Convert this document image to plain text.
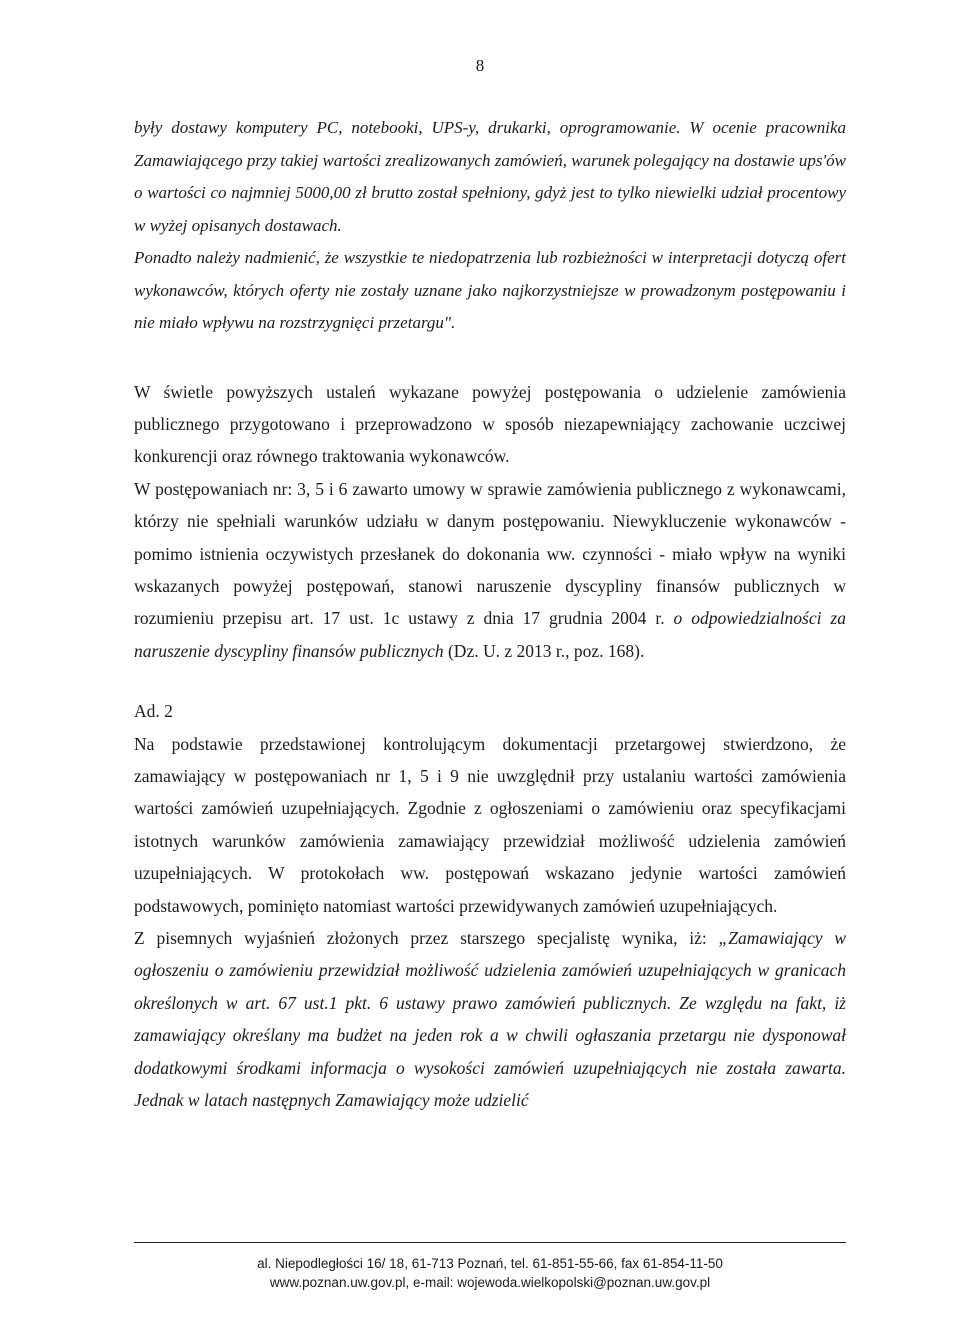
8

były dostawy komputery PC, notebooki, UPS-y, drukarki, oprogramowanie. W ocenie pracownika Zamawiającego przy takiej wartości zrealizowanych zamówień, warunek polegający na dostawie ups'ów o wartości co najmniej 5000,00 zł brutto został spełniony, gdyż jest to tylko niewielki udział procentowy w wyżej opisanych dostawach.

Ponadto należy nadmienić, że wszystkie te niedopatrzenia lub rozbieżności w interpretacji dotyczą ofert wykonawców, których oferty nie zostały uznane jako najkorzystniejsze w prowadzonym postępowaniu i nie miało wpływu na rozstrzygnięci przetargu".

W świetle powyższych ustaleń wykazane powyżej postępowania o udzielenie zamówienia publicznego przygotowano i przeprowadzono w sposób niezapewniający zachowanie uczciwej konkurencji oraz równego traktowania wykonawców.

W postępowaniach nr: 3, 5 i 6 zawarto umowy w sprawie zamówienia publicznego z wykonawcami, którzy nie spełniali warunków udziału w danym postępowaniu. Niewykluczenie wykonawców - pomimo istnienia oczywistych przesłanek do dokonania ww. czynności - miało wpływ na wyniki wskazanych powyżej postępowań, stanowi naruszenie dyscypliny finansów publicznych w rozumieniu przepisu art. 17 ust. 1c ustawy z dnia 17 grudnia 2004 r. o odpowiedzialności za naruszenie dyscypliny finansów publicznych (Dz. U. z 2013 r., poz. 168).

Ad. 2

Na podstawie przedstawionej kontrolującym dokumentacji przetargowej stwierdzono, że zamawiający w postępowaniach nr 1, 5 i 9 nie uwzględnił przy ustalaniu wartości zamówienia wartości zamówień uzupełniających. Zgodnie z ogłoszeniami o zamówieniu oraz specyfikacjami istotnych warunków zamówienia zamawiający przewidział możliwość udzielenia zamówień uzupełniających. W protokołach ww. postępowań wskazano jedynie wartości zamówień podstawowych, pominięto natomiast wartości przewidywanych zamówień uzupełniających.

Z pisemnych wyjaśnień złożonych przez starszego specjalistę wynika, iż: „Zamawiający w ogłoszeniu o zamówieniu przewidział możliwość udzielenia zamówień uzupełniających w granicach określonych w art. 67 ust.1 pkt. 6 ustawy prawo zamówień publicznych. Ze względu na fakt, iż zamawiający określany ma budżet na jeden rok a w chwili ogłaszania przetargu nie dysponował dodatkowymi środkami informacja o wysokości zamówień uzupełniających nie została zawarta. Jednak w latach następnych Zamawiający może udzielić

al. Niepodległości 16/ 18, 61-713 Poznań, tel. 61-851-55-66, fax 61-854-11-50
www.poznan.uw.gov.pl, e-mail: wojewoda.wielkopolski@poznan.uw.gov.pl
